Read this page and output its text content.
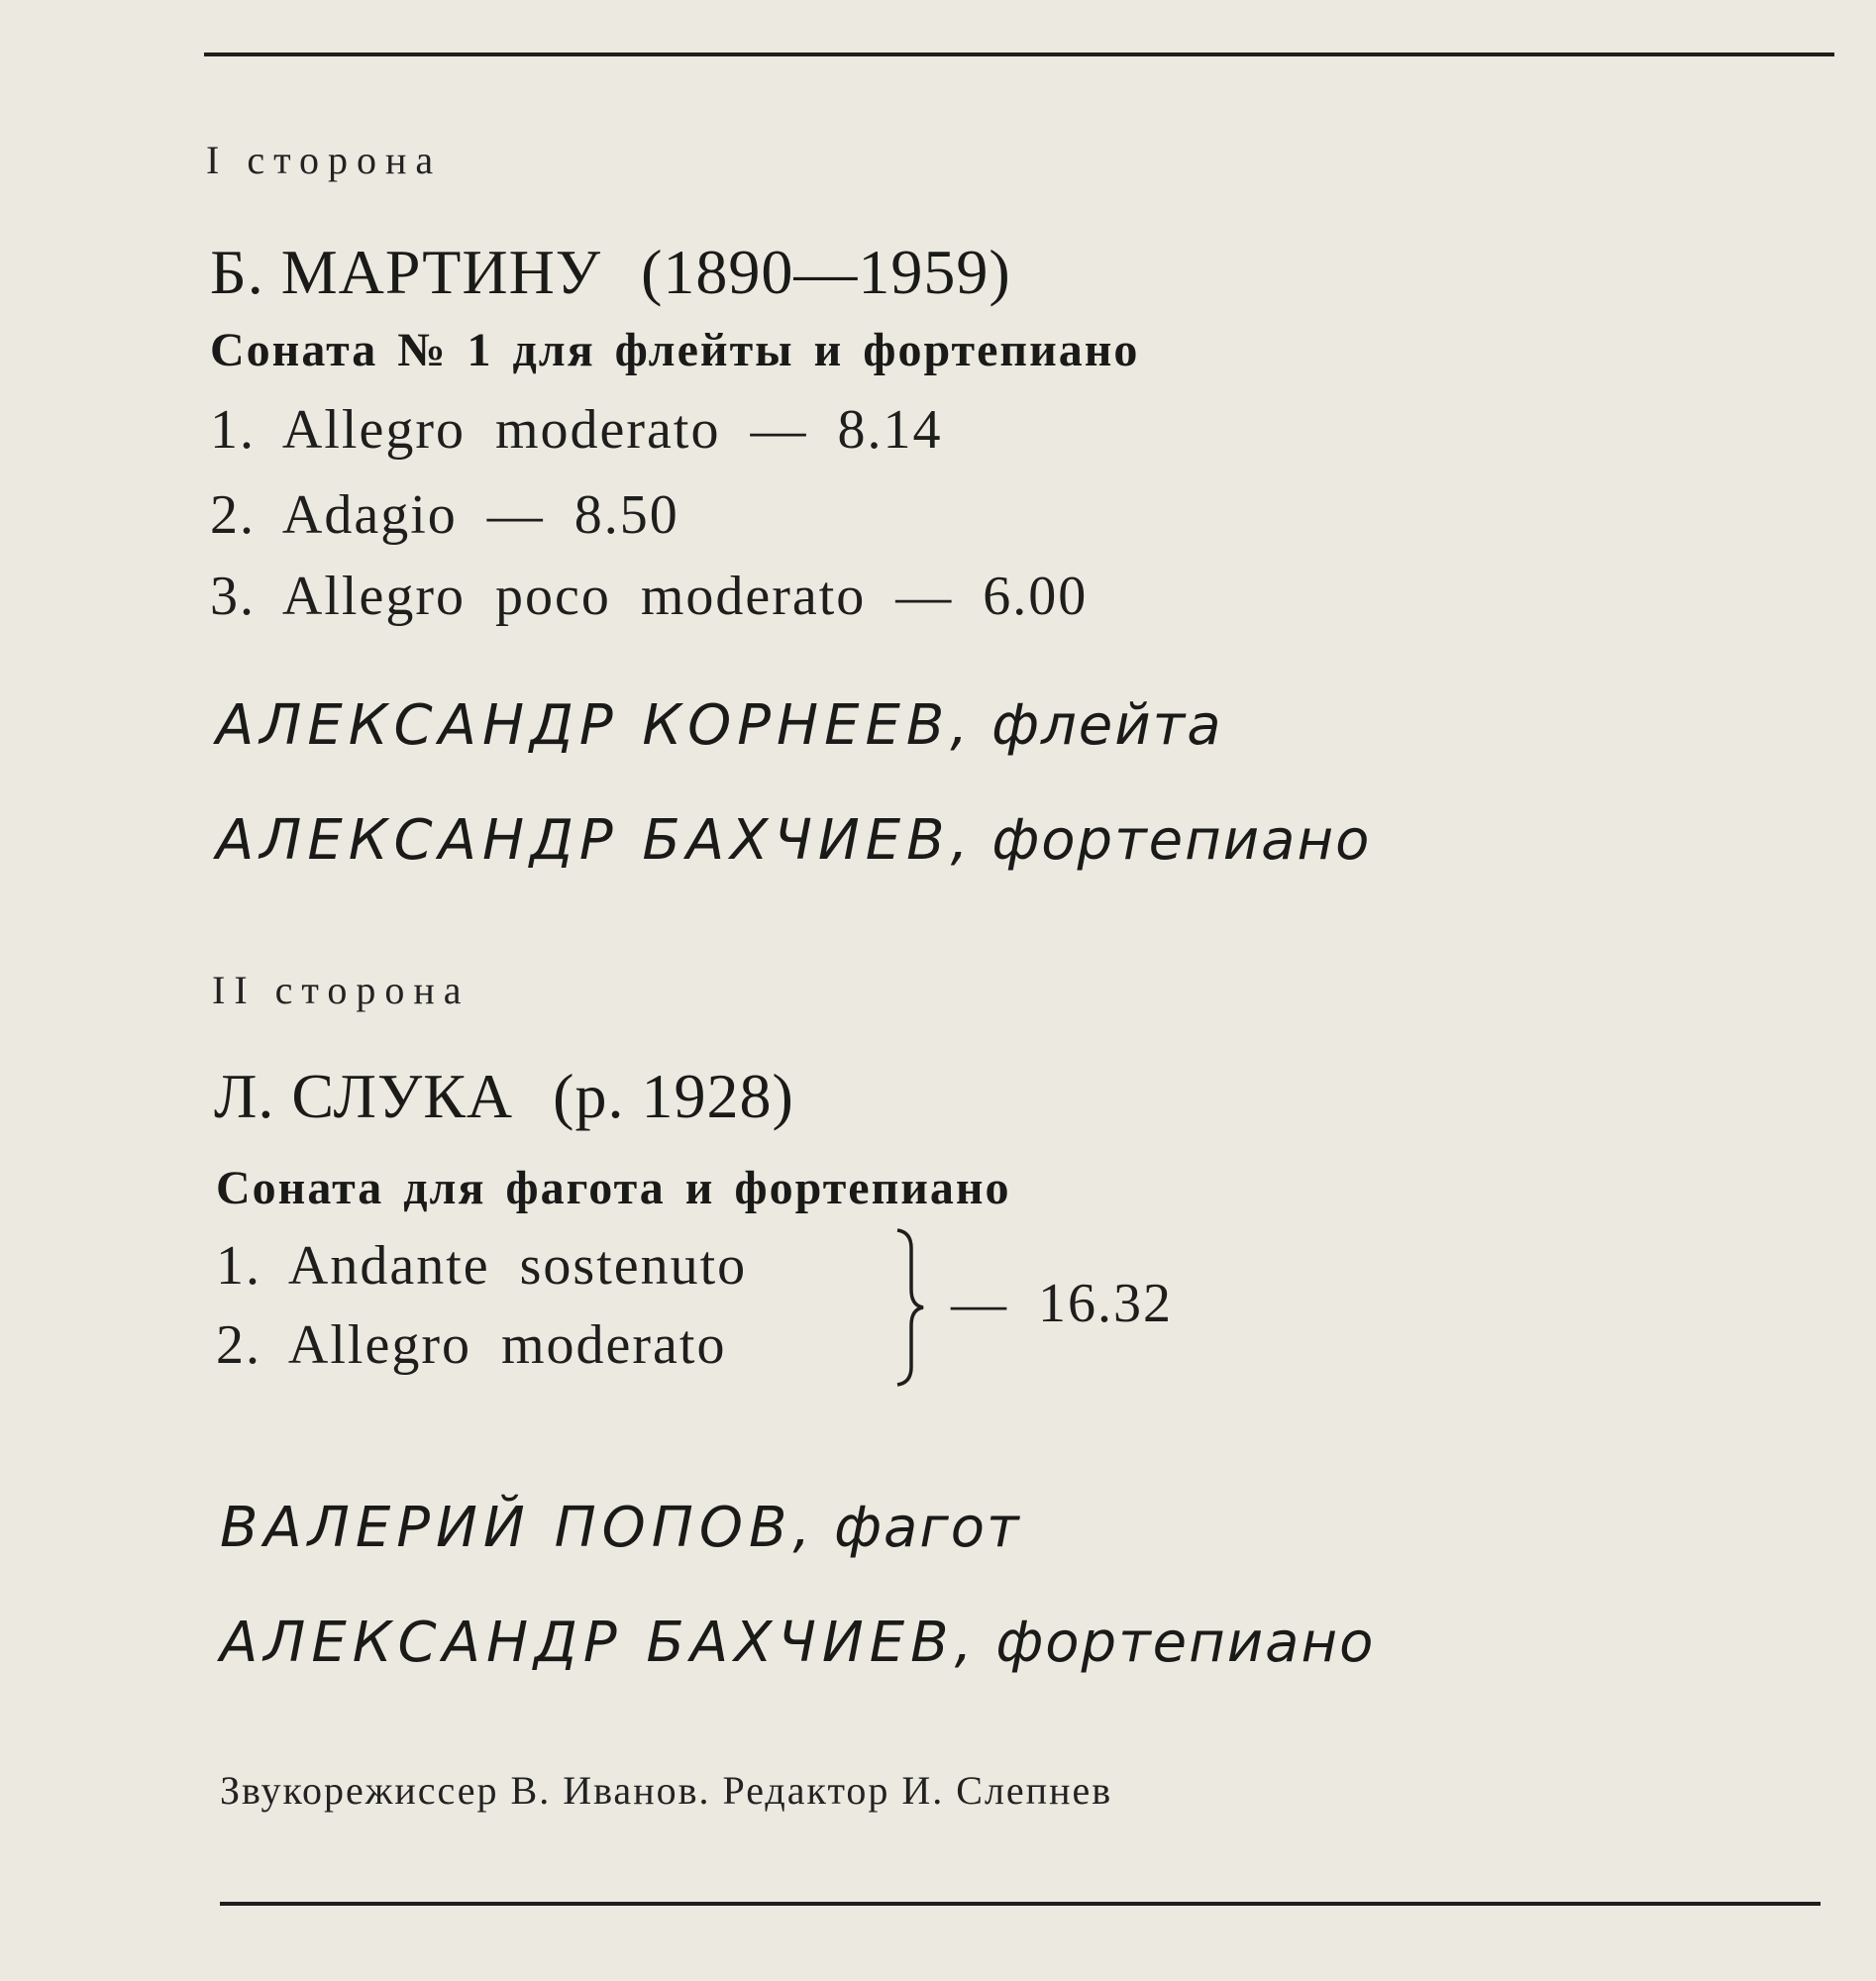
I сторона
Б. МАРТИНУ (1890—1959)
Соната № 1 для флейты и фортепиано
1. Allegro moderato — 8.14
2. Adagio — 8.50
3. Allegro poco moderato — 6.00
АЛЕКСАНДР КОРНЕЕВ, флейта
АЛЕКСАНДР БАХЧИЕВ, фортепиано
II сторона
Л. СЛУКА (р. 1928)
Соната для фагота и фортепиано
1. Andante sostenuto
2. Allegro moderato
— 16.32
ВАЛЕРИЙ ПОПОВ, фагот
АЛЕКСАНДР БАХЧИЕВ, фортепиано
Звукорежиссер В. Иванов. Редактор И. Слепнев
